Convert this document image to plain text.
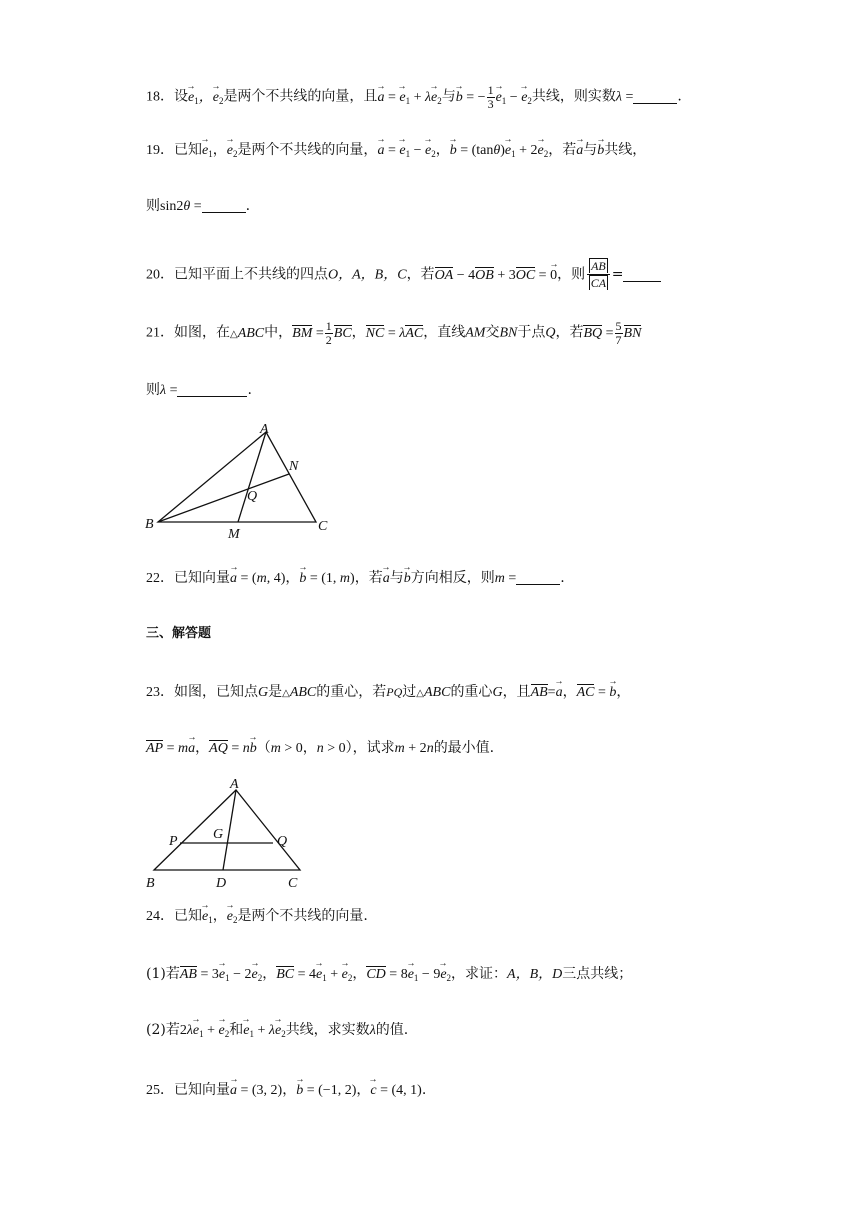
18．设→ $e_1$，→ $e_2$是两个不共线的向量，且→ a = → $e_1 + \lambda\to e_2$与→ b = − $\frac{1}{3}$
→ $e_1$ − → $e_2$共线，则实数λ =	.
19．已知→ $e_1$，→ $e_2$是两个不共线的向量，→ a = → $e_1$ − → $e_2$，→ $b = (\tan\theta)\to e_1 + 2\to e_2$，若→ a与→ b共线，
则sin2θ =	.
20．已知平面上不共线的四点O，A，B，C，若OA − 4OB + 3OC = → 0，则 $\frac{AB}{CA}$ =
21．如图，在△ABC中，BM = $\frac{1}{2}$ BC，NC = λAC，直线AM交BN于点Q，若BQ = $\frac{5}{7}$ BN
则λ =	.
A
B	C
M
N
Q
22．已知向量→ a = (m, 4)，→ b = (1, m)，若→ a与→ b方向相反，则m =	.
三、解答题
23．如图，已知点G是△ABC的重心，若PQ过△ABC的重心G，且AB=→ a，AC = → b，
AP = m→ a，AQ = n→ b（m > 0，n > 0），试求m + 2n的最小值.
A
B	C
D
G
P	Q
24．已知→ $e_1$，→ $e_2$是两个不共线的向量.
(1)若AB = $3\to e_1 - 2\to e_2$，BC = $4\to e_1$ + → $e_2$，CD = $8\to e_1 - 9\to e_2$，求证：A，B，D三点共线；
(2)若$2\lambda\to e_1$ + → $e_2$和→ $e_1 + \lambda\to e_2$共线，求实数λ的值.
25．已知向量→ a = (3, 2)，→ b = (−1, 2)，→ c = (4, 1).
